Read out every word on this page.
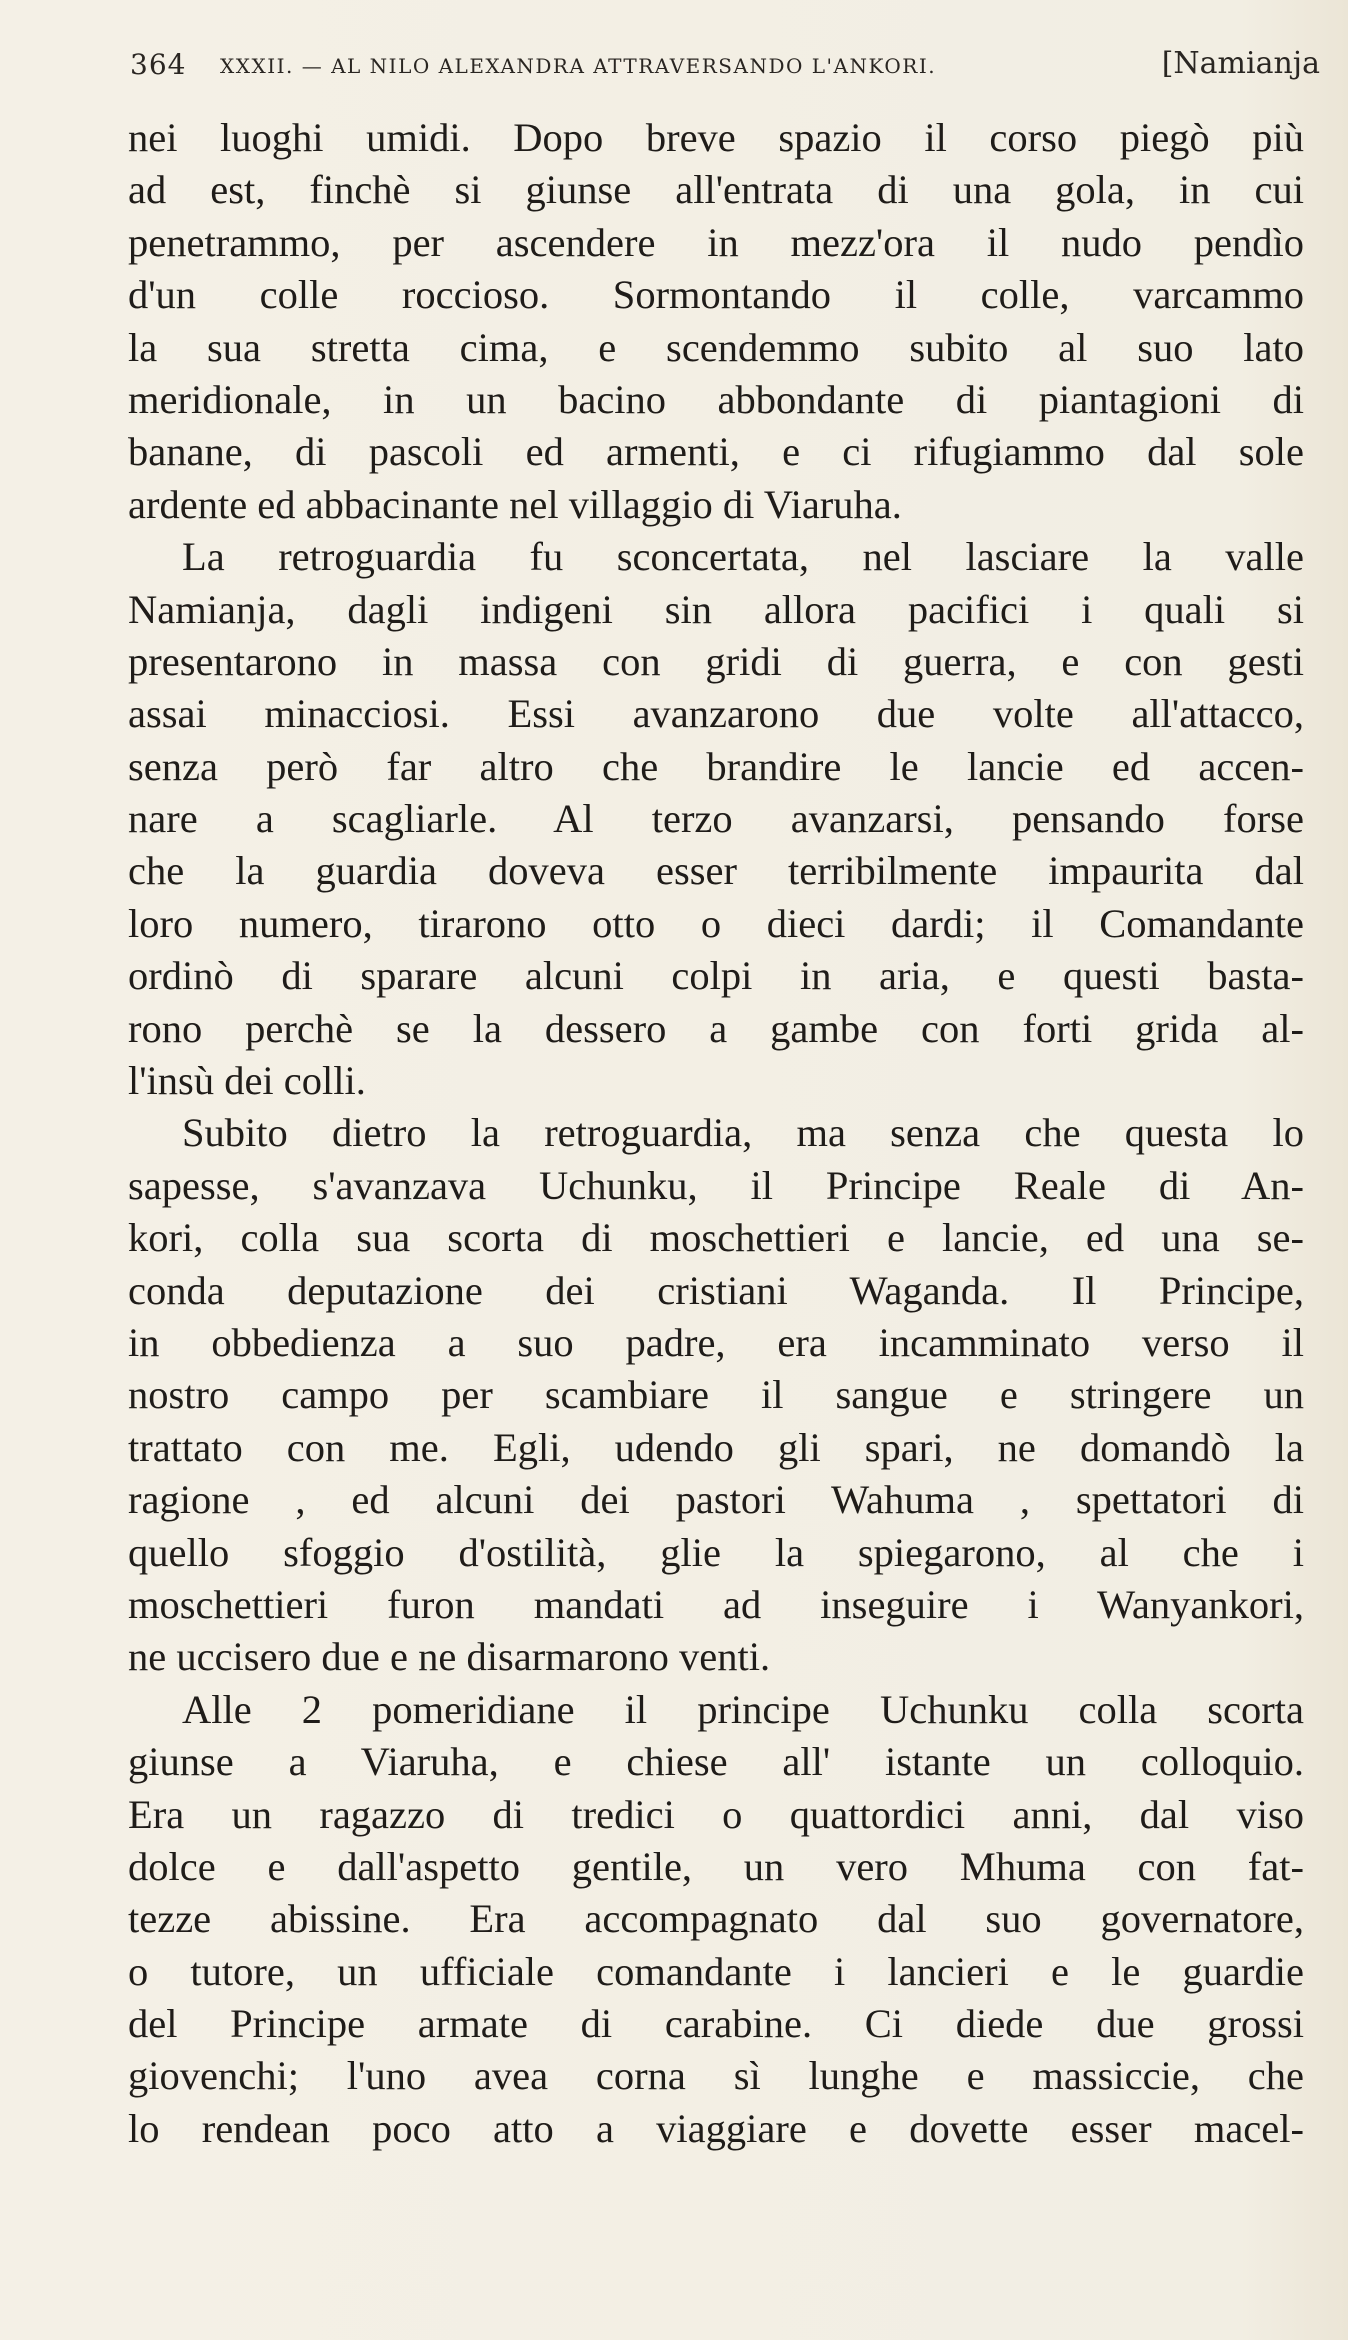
364 XXXII. — AL NILO ALEXANDRA ATTRAVERSANDO L'ANKORI.	[Namianja
nei luoghi umidi. Dopo breve spazio il corso piegò più
ad est, finchè si giunse all'entrata di una gola, in cui
penetrammo, per ascendere in mezz'ora il nudo pendìo
d'un colle roccioso. Sormontando il colle, varcammo
la sua stretta cima, e scendemmo subito al suo lato
meridionale, in un bacino abbondante di piantagioni di
banane, di pascoli ed armenti, e ci rifugiammo dal sole
ardente ed abbacinante nel villaggio di Viaruha.
La retroguardia fu sconcertata, nel lasciare la valle
Namianja, dagli indigeni sin allora pacifici i quali si
presentarono in massa con gridi di guerra, e con gesti
assai minacciosi. Essi avanzarono due volte all'attacco,
senza però far altro che brandire le lancie ed accen-
nare a scagliarle. Al terzo avanzarsi, pensando forse
che la guardia doveva esser terribilmente impaurita dal
loro numero, tirarono otto o dieci dardi; il Comandante
ordinò di sparare alcuni colpi in aria, e questi basta-
rono perchè se la dessero a gambe con forti grida al-
l'insù dei colli.
Subito dietro la retroguardia, ma senza che questa lo
sapesse, s'avanzava Uchunku, il Principe Reale di An-
kori, colla sua scorta di moschettieri e lancie, ed una se-
conda deputazione dei cristiani Waganda. Il Principe,
in obbedienza a suo padre, era incamminato verso il
nostro campo per scambiare il sangue e stringere un
trattato con me. Egli, udendo gli spari, ne domandò la
ragione , ed alcuni dei pastori Wahuma , spettatori di
quello sfoggio d'ostilità, glie la spiegarono, al che i
moschettieri furon mandati ad inseguire i Wanyankori,
ne uccisero due e ne disarmarono venti.
Alle 2 pomeridiane il principe Uchunku colla scorta
giunse a Viaruha, e chiese all' istante un colloquio.
Era un ragazzo di tredici o quattordici anni, dal viso
dolce e dall'aspetto gentile, un vero Mhuma con fat-
tezze abissine. Era accompagnato dal suo governatore,
o tutore, un ufficiale comandante i lancieri e le guardie
del Principe armate di carabine. Ci diede due grossi
giovenchi; l'uno avea corna sì lunghe e massiccie, che
lo rendean poco atto a viaggiare e dovette esser macel-
